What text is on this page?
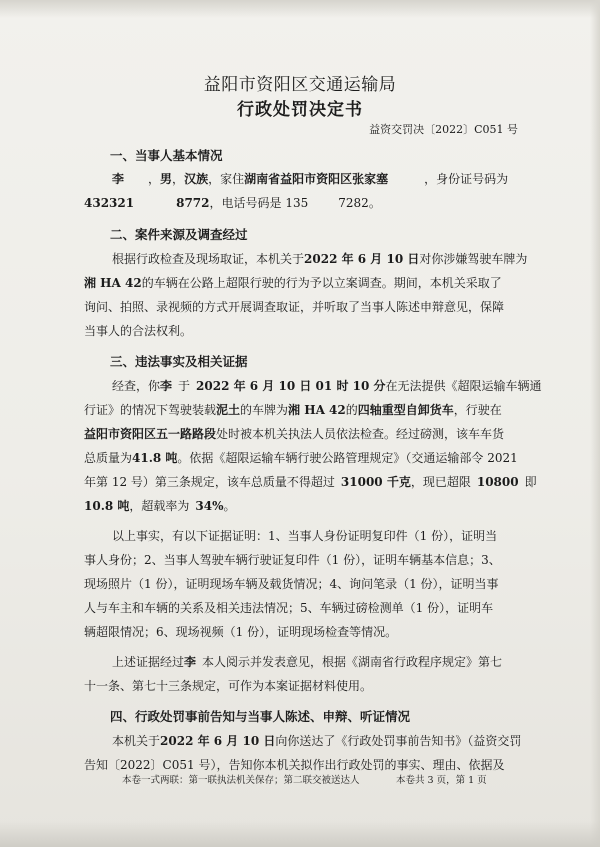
益阳市资阳区交通运输局
行政处罚决定书
益资交罚决〔2022〕C051 号
一、当事人基本情况
李  ，男，汉族，家住湖南省益阳市资阳区张家塞   ，身份证号码为
432321    	8772，电话号码是 135   	7282。
二、案件来源及调查经过
根据行政检查及现场取证，本机关于2022 年 6 月 10 日对你涉嫌驾驶车牌为
湘 HA 42的车辆在公路上超限行驶的行为予以立案调查。期间，本机关采取了
询问、拍照、录视频的方式开展调查取证，并听取了当事人陈述申辩意见，保障
当事人的合法权利。
三、违法事实及相关证据
经查，你李  于  2022 年 6 月 10 日 01 时 10 分在无法提供《超限运输车辆通
行证》的情况下驾驶装载泥土的车牌为湘 HA 42的四轴重型自卸货车，行驶在
益阳市资阳区五一路路段处时被本机关执法人员依法检查。经过磅测，该车车货
总质量为41.8 吨。依据《超限运输车辆行驶公路管理规定》（交通运输部令 2021
年第 12 号）第三条规定，该车总质量不得超过  31000 千克，现已超限  10800  即
10.8 吨，超载率为  34%。
以上事实，有以下证据证明：1、当事人身份证明复印件（1 份），证明当
事人身份；2、当事人驾驶车辆行驶证复印件（1 份），证明车辆基本信息；3、
现场照片（1 份），证明现场车辆及载货情况；4、询问笔录（1 份），证明当事
人与车主和车辆的关系及相关违法情况；5、车辆过磅检测单（1 份），证明车
辆超限情况；6、现场视频（1 份），证明现场检查等情况。
上述证据经过李  本人阅示并发表意见，根据《湖南省行政程序规定》第七
十一条、第七十三条规定，可作为本案证据材料使用。
四、行政处罚事前告知与当事人陈述、申辩、听证情况
本机关于2022 年 6 月 10 日向你送达了《行政处罚事前告知书》（益资交罚
告知〔2022〕C051 号），告知你本机关拟作出行政处罚的事实、理由、依据及
本卷一式两联：第一联执法机关保存；第二联交被送达人	本卷共 3 页，第 1 页
